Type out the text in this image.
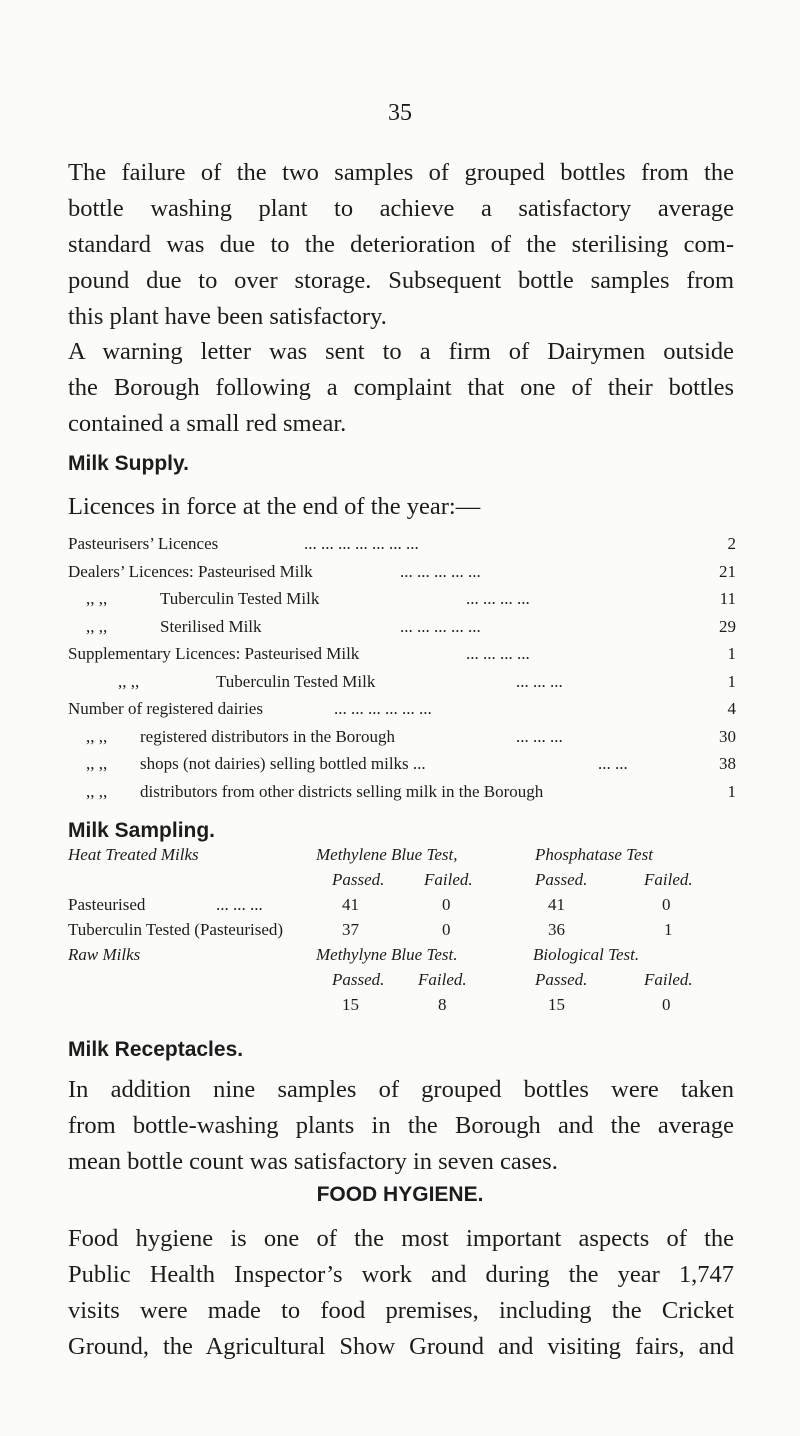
35
The failure of the two samples of grouped bottles from the
bottle washing plant to achieve a satisfactory average
standard was due to the deterioration of the sterilising com-
pound due to over storage. Subsequent bottle samples from
this plant have been satisfactory.
A warning letter was sent to a firm of Dairymen outside
the Borough following a complaint that one of their bottles
contained a small red smear.
Milk Supply.
Licences in force at the end of the year:—
Pasteurisers’ Licences	... ... ... ... ... ... ...	2
Dealers’ Licences: Pasteurised Milk	... ... ... ... ...	21
,, ,,	Tuberculin Tested Milk	... ... ... ...	11
,, ,,	Sterilised Milk	... ... ... ... ...	29
Supplementary Licences: Pasteurised Milk	... ... ... ...	1
,, ,,	Tuberculin Tested Milk	... ... ...	1
Number of registered dairies	... ... ... ... ... ...	4
,, ,, registered distributors in the Borough	... ... ...	30
,, ,, shops (not dairies) selling bottled milks ...	... ...	38
,, ,, distributors from other districts selling milk in the Borough	1
Milk Sampling.
Heat Treated Milks	Methylene Blue Test,	Phosphatase Test
Passed. Failed.	Passed.	Failed.
Pasteurised	... ... ...	41	0	41	0
Tuberculin Tested (Pasteurised)	37	0	36	1
Raw Milks	Methylyne Blue Test.	Biological Test.
Passed. Failed.	Passed.	Failed.
15	8	15	0
Milk Receptacles.
In addition nine samples of grouped bottles were taken
from bottle-washing plants in the Borough and the average
mean bottle count was satisfactory in seven cases.
FOOD HYGIENE.
Food hygiene is one of the most important aspects of the
Public Health Inspector’s work and during the year 1,747
visits were made to food premises, including the Cricket
Ground, the Agricultural Show Ground and visiting fairs, and
